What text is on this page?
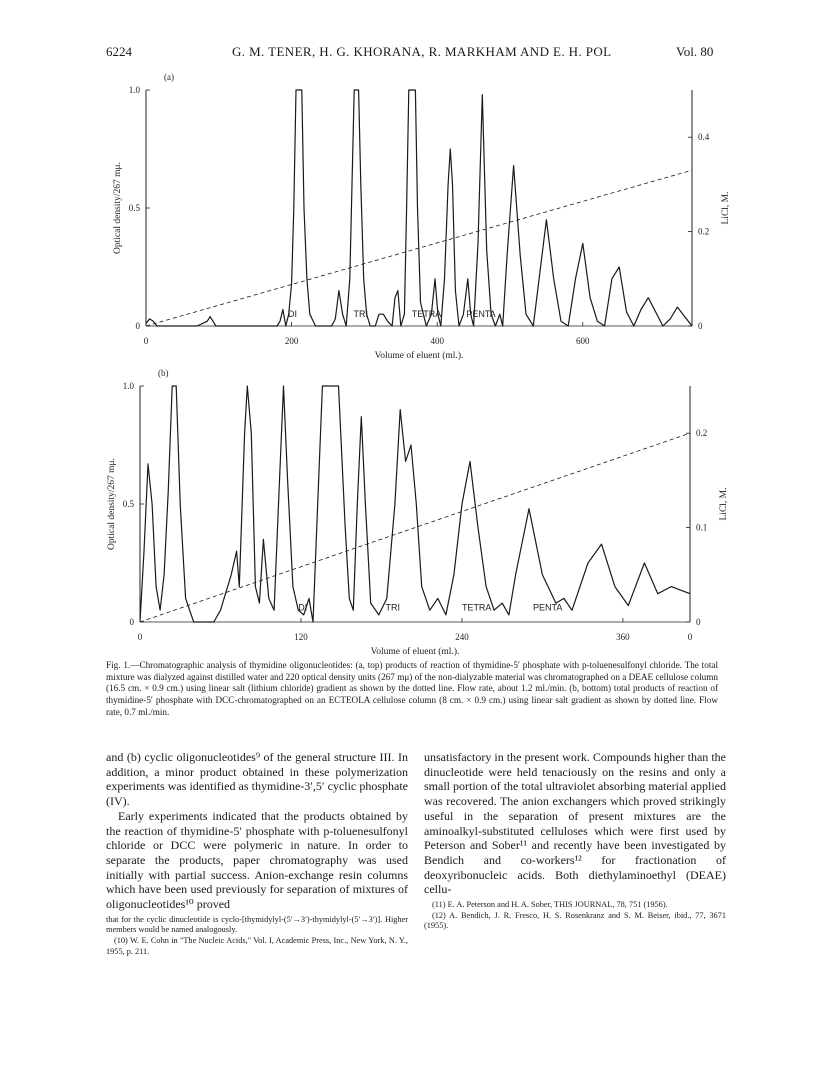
6224	G. M. TENER, H. G. KHORANA, R. MARKHAM AND E. H. POL	Vol. 80
(a)
0	200	400	600
0
0.5
1.0
0
0.2
0.4
Volume of eluent (ml.).
Optical density/267 mμ.	LiCl, M.
DI	TRI	TETRA	PENTA
(b)
0	120	240	360	0
0
0.5
1.0
0
0.1
0.2
Volume of eluent (ml.).
Optical density/267 mμ.	LiCl, M.
DI	TRI	TETRA	PENTA
Fig. 1.—Chromatographic analysis of thymidine oligonucleotides: (a, top) products of reaction of thymidine-5′ phosphate with p-toluenesulfonyl chloride. The total mixture was dialyzed against distilled water and 220 optical density units (267 mμ) of the non-dialyzable material was chromatographed on a DEAE cellulose column (16.5 cm. × 0.9 cm.) using linear salt (lithium chloride) gradient as shown by the dotted line. Flow rate, about 1.2 ml./min. (b, bottom) total products of reaction of thymidine-5′ phosphate with DCC-chromatographed on an ECTEOLA cellulose column (8 cm. × 0.9 cm.) using linear salt gradient as shown by dotted line. Flow rate, 0.7 ml./min.

and (b) cyclic oligonucleotides⁹ of the general structure III. In addition, a minor product obtained in these polymerization experiments was identified as thymidine-3′,5′ cyclic phosphate (IV).

Early experiments indicated that the products obtained by the reaction of thymidine-5′ phosphate with p-toluenesulfonyl chloride or DCC were polymeric in nature. In order to separate the products, paper chromatography was used initially with partial success. Anion-exchange resin columns which have been used previously for separation of mixtures of oligonucleotides¹⁰ proved

that for the cyclic dinucleotide is cyclo-[thymidylyl-(5′→3′)-thymidylyl-(5′→3′)]. Higher members would be named analogously.

(10) W. E. Cohn in "The Nucleic Acids," Vol. I, Academic Press, Inc., New York, N. Y., 1955, p. 211.

unsatisfactory in the present work. Compounds higher than the dinucleotide were held tenaciously on the resins and only a small portion of the total ultraviolet absorbing material applied was recovered. The anion exchangers which proved strikingly useful in the separation of present mixtures are the aminoalkyl-substituted celluloses which were first used by Peterson and Sober¹¹ and recently have been investigated by Bendich and co-workers¹² for fractionation of deoxyribonucleic acids. Both diethylaminoethyl (DEAE) cellu-

(11) E. A. Peterson and H. A. Sober, THIS JOURNAL, 78, 751 (1956).

(12) A. Bendich, J. R. Fresco, H. S. Rosenkranz and S. M. Beiser, ibid., 77, 3671 (1955).
